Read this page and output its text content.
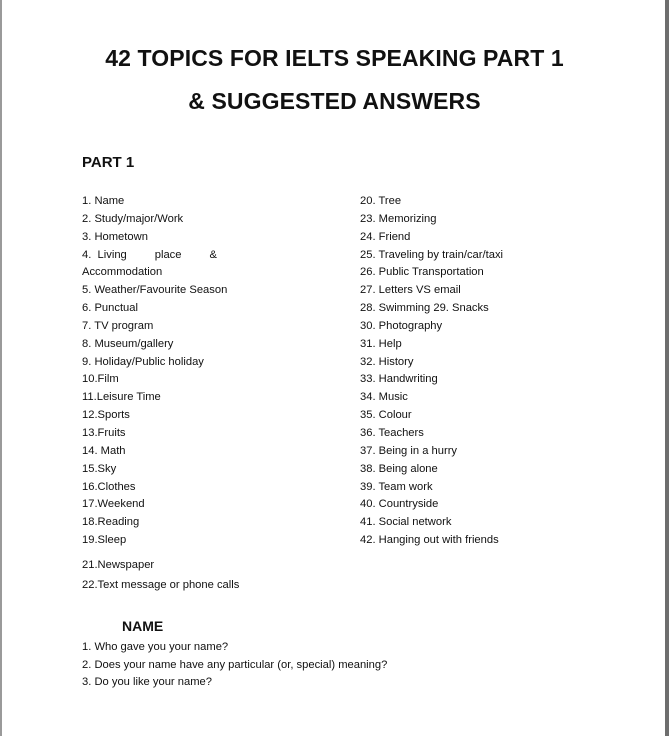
42 TOPICS FOR IELTS SPEAKING PART 1
& SUGGESTED ANSWERS
PART 1
1. Name
2. Study/major/Work
3. Hometown
4.  Living         place         &
Accommodation
5. Weather/Favourite Season
6. Punctual
7. TV program
8. Museum/gallery
9. Holiday/Public holiday
10.Film
11.Leisure Time
12.Sports
13.Fruits
14. Math
15.Sky
16.Clothes
17.Weekend
18.Reading
19.Sleep
20. Tree
23. Memorizing
24. Friend
25. Traveling by train/car/taxi
26. Public Transportation
27. Letters VS email
28. Swimming 29. Snacks
30. Photography
31. Help
32. History
33. Handwriting
34. Music
35. Colour
36. Teachers
37. Being in a hurry
38. Being alone
39. Team work
40. Countryside
41. Social network
42. Hanging out with friends
21.Newspaper
22.Text message or phone calls
NAME
1. Who gave you your name?
2. Does your name have any particular (or, special) meaning?
3. Do you like your name?
